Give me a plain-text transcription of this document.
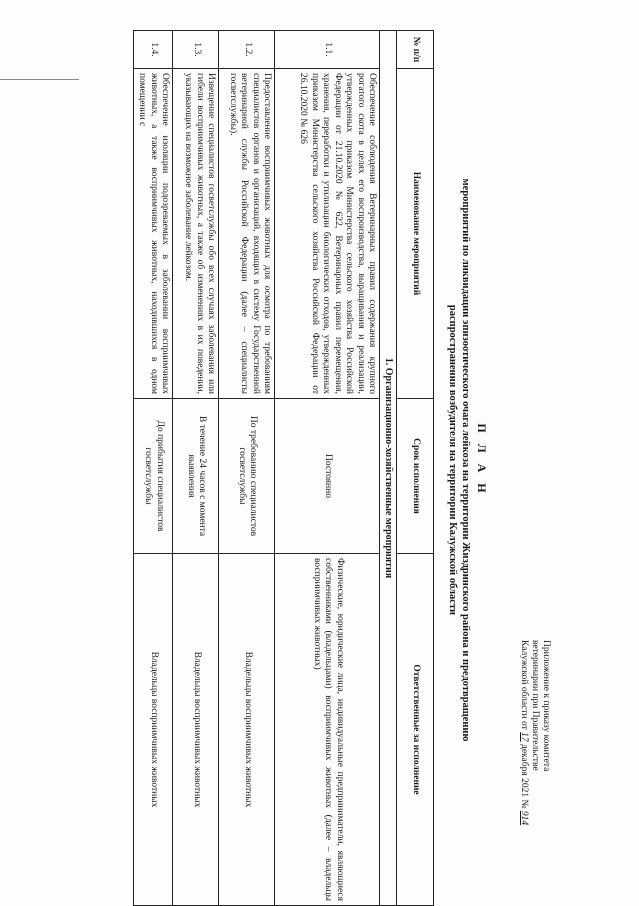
Приложение к приказу комитета
ветеринарии при Правительстве
Калужской области от 17 декабря 2021 № 914
П Л А Н
мероприятий по ликвидации эпизоотического очага лейкоза на территории Жиздринского района и предотвращению
распространения возбудителя на территории Калужской области
№ п/п	Наименование мероприятий	Срок исполнения	Ответственные за исполнение
1. Организационно-хозяйственные мероприятия			
1.1.	Обеспечение соблюдения Ветеринарных правил содержания крупного рогатого скота в целях его воспроизводства, выращивания и реализации, утвержденных приказом Министерства сельского хозяйства Российской Федерации от 21.10.2020 № 622, Ветеринарных правил перемещения, хранения, переработки и утилизации биологических отходов, утвержденных приказом Министерства сельского хозяйства Российской Федерации от 26.10.2020 № 626	Постоянно	Физические, юридические лица, индивидуальные предприниматели, являющиеся собственниками (владельцами) восприимчивых животных (далее – владельцы восприимчивых животных)
1.2.	Предоставление восприимчивых животных для осмотра по требованиям специалистов органов и организаций, входящих в систему Государственной ветеринарной службы Российской Федерации (далее – специалисты госветслужбы).	По требованию специалистов госветслужбы	Владельцы восприимчивых животных
1.3.	Извещение специалистов госветслужбы обо всех случаях заболевания или гибели восприимчивых животных, а также об изменениях в их поведении, указывающих на возможное заболевание лейкозом.	В течение 24 часов с момента выявления	Владельцы восприимчивых животных
1.4.	Обеспечение изоляции подозреваемых в заболевании восприимчивых животных, а также восприимчивых животных, находившихся в одном помещении с	До прибытия специалистов госветслужбы	Владельцы восприимчивых животных
